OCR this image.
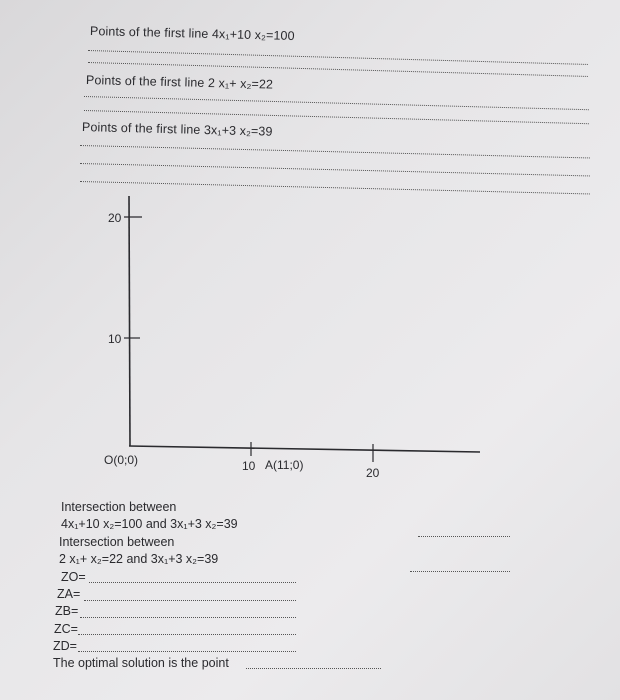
Points of the first line 4x₁+10 x₂=100
Points of the first line 2 x₁+ x₂=22
Points of the first line 3x₁+3 x₂=39
20
10
10	20
O(0;0)	A(11;0)
Intersection between
4x₁+10 x₂=100 and 3x₁+3 x₂=39
Intersection between
2 x₁+ x₂=22 and 3x₁+3 x₂=39
ZO=
ZA=
ZB=
ZC=
ZD=
The optimal solution is the point
